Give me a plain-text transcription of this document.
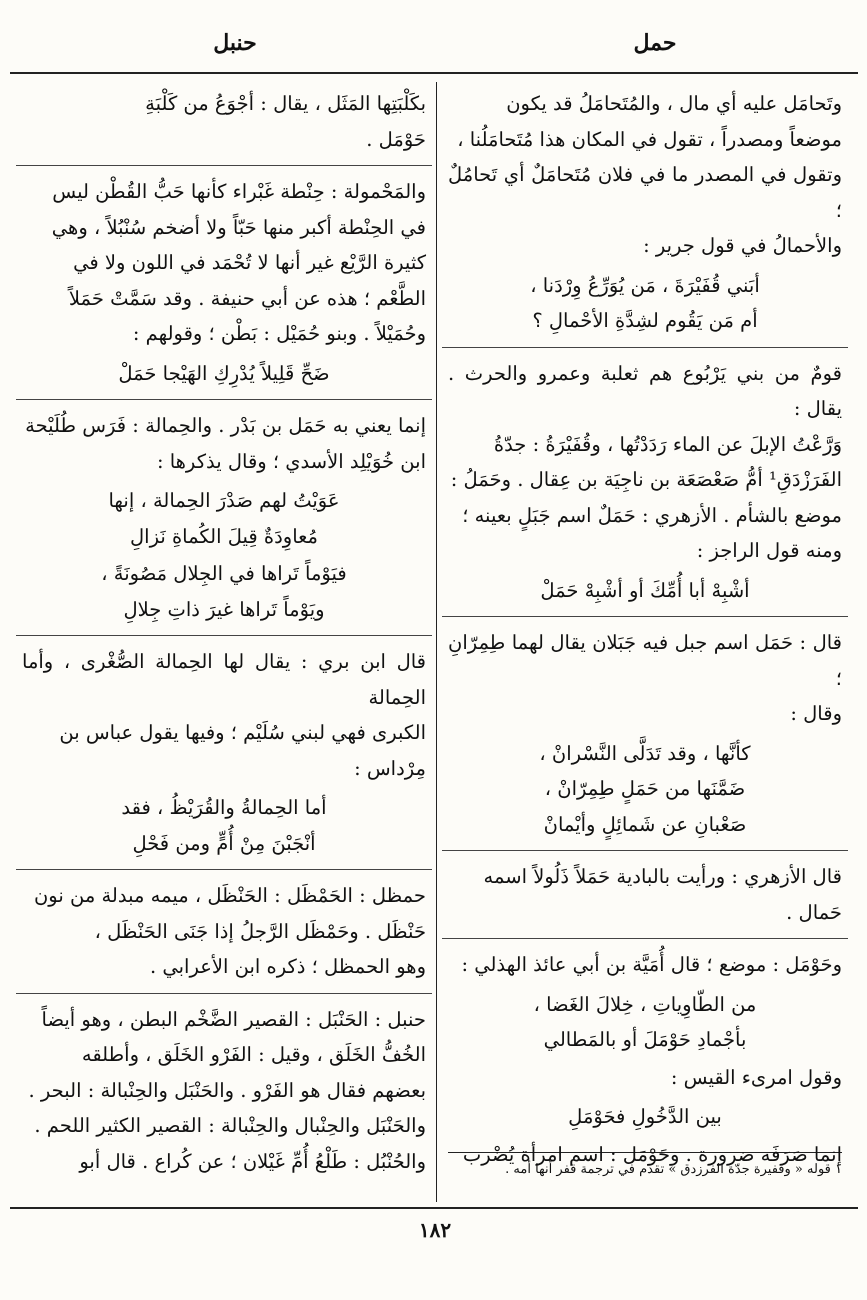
حمل
حنبل
وتَحامَل عليه أي مال ، والمُتَحامَلُ قد يكون
موضعاً ومصدراً ، تقول في المكان هذا مُتَحامَلُنا ،
وتقول في المصدر ما في فلان مُتَحامَلٌ أي تَحامُلٌ ؛
والأحمالُ في قول جرير :
أبَني قُفَيْرَةَ ، مَن يُوَرِّعُ وِرْدَنا ،
أم مَن يَقُوم لشِدَّةِ الأحْمالِ ؟
قومٌ من بني يَرْبُوع هم ثعلبة وعمرو والحرث . يقال :
وَرَّعْتُ الإبلَ عن الماء رَدَدْتُها ، وقُفَيْرَةُ : جدّةُ
الفَرَزْدَقِ¹ أمُّ صَعْصَعَة بن ناجِيَة بن عِقال . وحَمَلُ :
موضع بالشأم . الأزهري : حَمَلٌ اسم جَبَلٍ بعينه ؛
ومنه قول الراجز :
أشْبِهْ أبا أُمِّكَ أو أشْبِهْ حَمَلْ
قال : حَمَل اسم جبل فيه جَبَلان يقال لهما طِمِرّانِ ؛
وقال :
كأنَّها ، وقد تَدَلَّى النَّسْرانْ ،
ضَمَّنَها من حَمَلٍ طِمِرّانْ ،
صَعْبانِ عن شَمائِلٍ وأيْمانْ
قال الأزهري : ورأيت بالبادية حَمَلاً ذَلُولاً اسمه
حَمال .
وحَوْمَل : موضع ؛ قال أُمَيَّة بن أبي عائذ الهذلي :
من الطّاوِياتِ ، خِلالَ الغَضا ،
بأجْمادِ حَوْمَلَ أو بالمَطالي
وقول امرىء القيس :
بين الدَّخُولِ فحَوْمَلِ
إنما صَرَفَه ضرورة . وحَوْمَل : اسم امرأة يُضْرب
بكَلْبَتِها المَثَل ، يقال : أجْوَعُ من كَلْبَةِ
حَوْمَل .
والمَحْمولة : حِنْطة غَبْراء كأنها حَبُّ القُطْن ليس
في الحِنْطة أكبر منها حَبّاً ولا أضخم سُنْبُلاً ، وهي
كثيرة الرَّيْع غير أنها لا تُحْمَد في اللون ولا في
الطَّعْم ؛ هذه عن أبي حنيفة . وقد سَمَّتْ حَمَلاً
وحُمَيْلاً . وبنو حُمَيْل : بَطْن ؛ وقولهم :
ضَحِّ قَلِيلاً يُدْرِكِ الهَيْجا حَمَلْ
إنما يعني به حَمَل بن بَدْر . والحِمالة : فَرَس طُلَيْحة
ابن خُوَيْلِد الأسدي ؛ وقال يذكرها :
عَوَيْتُ لهم صَدْرَ الحِمالة ، إنها
مُعاوِدَةٌ قِيلَ الكُماةِ نَزالِ
فيَوْماً تَراها في الجِلال مَصُونَةً ،
ويَوْماً تَراها غيرَ ذاتِ جِلالِ
قال ابن بري : يقال لها الحِمالة الصُّغْرى ، وأما الحِمالة
الكبرى فهي لبني سُلَيْم ؛ وفيها يقول عباس بن
مِرْداس :
أما الحِمالةُ والقُرَيْظُ ، فقد
أنْجَبْنَ مِنْ أُمٍّ ومن فَحْلِ
حمظل : الحَمْظَل : الحَنْظَل ، ميمه مبدلة من نون
حَنْظَل . وحَمْظَل الرَّجلُ إذا جَنَى الحَنْظَل ،
وهو الحمظل ؛ ذكره ابن الأعرابي .
حنبل : الحَنْبَل : القصير الضَّخْم البطن ، وهو أيضاً
الخُفُّ الخَلَق ، وقيل : الفَرْو الخَلَق ، وأطلقه
بعضهم فقال هو الفَرْو . والحَنْبَل والحِنْبالة : البحر .
والحَنْبَل والحِنْبال والحِنْبالة : القصير الكثير اللحم .
والحُنْبُل : طَلْعُ أُمِّ غَيْلان ؛ عن كُراع . قال أبو	١ قوله « وقفيرة جدّة الفرزدق » تقدم في ترجمة قفر أنها أمه .
١٨٢
